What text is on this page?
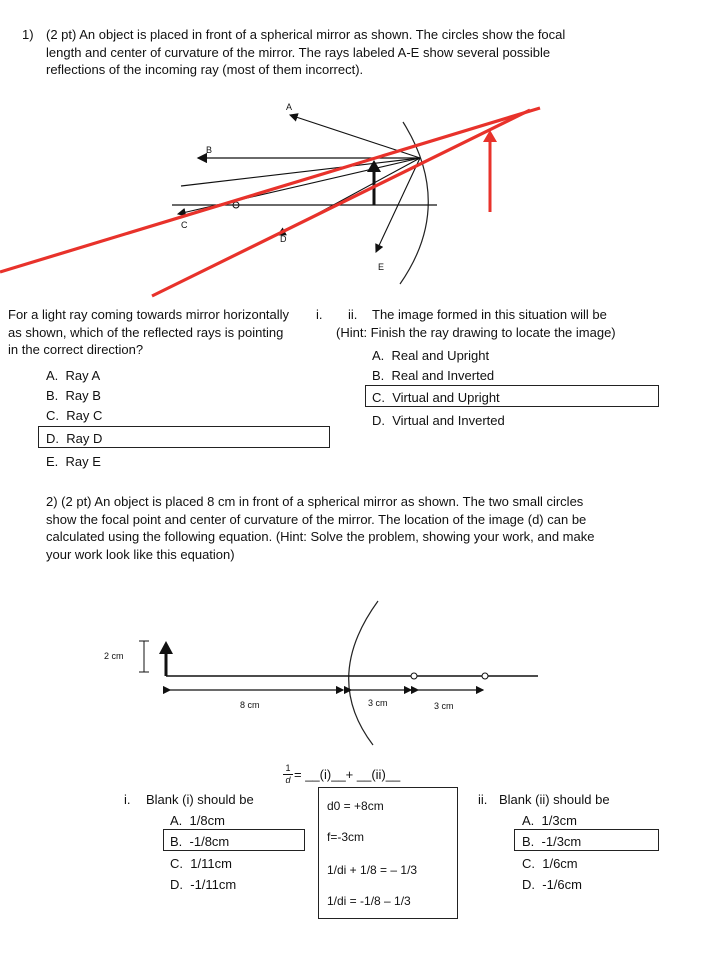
1) (2 pt) An object is placed in front of a spherical mirror as shown. The circles show the focal
length and center of curvature of the mirror. The rays labeled A-E show several possible
reflections of the incoming ray (most of them incorrect).
A
B
C
D
E
For a light ray coming towards mirror horizontally
as shown, which of the reflected rays is pointing
in the correct direction?
i.
A. Ray A
B. Ray B
C. Ray C
D. Ray D
E. Ray E
ii.	The image formed in this situation will be
(Hint: Finish the ray drawing to locate the image)
A. Real and Upright
B. Real and Inverted
C. Virtual and Upright
D. Virtual and Inverted
2) (2 pt) An object is placed 8 cm in front of a spherical mirror as shown. The two small circles
show the focal point and center of curvature of the mirror. The location of the image (d) can be
calculated using the following equation. (Hint: Solve the problem, showing your work, and make
your work look like this equation)
2 cm
8 cm	3 cm	3 cm
1
d = __(i)__+ __(ii)__
i. Blank (i) should be
A. 1/8cm
B. -1/8cm
C. 1/11cm
D. -1/11cm
d0 = +8cm
f=-3cm
1/di + 1/8 = – 1/3
1/di = -1/8 – 1/3
ii. Blank (ii) should be
A. 1/3cm
B. -1/3cm
C. 1/6cm
D. -1/6cm
